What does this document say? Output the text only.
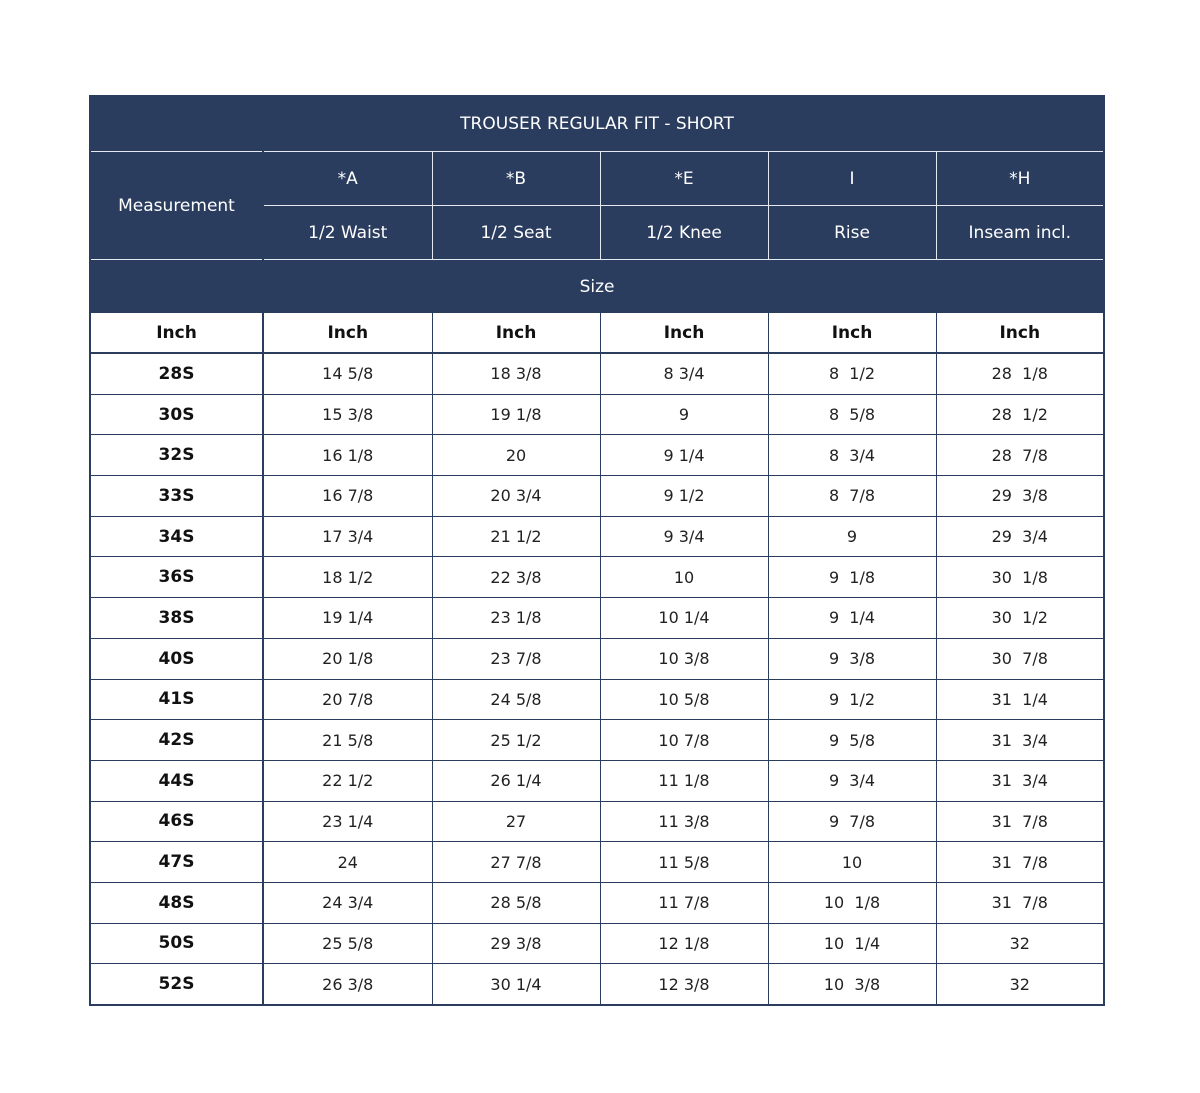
TROUSER REGULAR FIT - SHORT					
Measurement	*A	*B	*E	I	*H
	1/2 Waist	1/2 Seat	1/2 Knee	Rise	Inseam incl.
Size					
Inch	Inch	Inch	Inch	Inch	Inch
28S	14 5/8	18 3/8	8 3/4	8  1/2	28  1/8
30S	15 3/8	19 1/8	9	8  5/8	28  1/2
32S	16 1/8	20	9 1/4	8  3/4	28  7/8
33S	16 7/8	20 3/4	9 1/2	8  7/8	29  3/8
34S	17 3/4	21 1/2	9 3/4	9	29  3/4
36S	18 1/2	22 3/8	10	9  1/8	30  1/8
38S	19 1/4	23 1/8	10 1/4	9  1/4	30  1/2
40S	20 1/8	23 7/8	10 3/8	9  3/8	30  7/8
41S	20 7/8	24 5/8	10 5/8	9  1/2	31  1/4
42S	21 5/8	25 1/2	10 7/8	9  5/8	31  3/4
44S	22 1/2	26 1/4	11 1/8	9  3/4	31  3/4
46S	23 1/4	27	11 3/8	9  7/8	31  7/8
47S	24	27 7/8	11 5/8	10	31  7/8
48S	24 3/4	28 5/8	11 7/8	10  1/8	31  7/8
50S	25 5/8	29 3/8	12 1/8	10  1/4	32
52S	26 3/8	30 1/4	12 3/8	10  3/8	32
